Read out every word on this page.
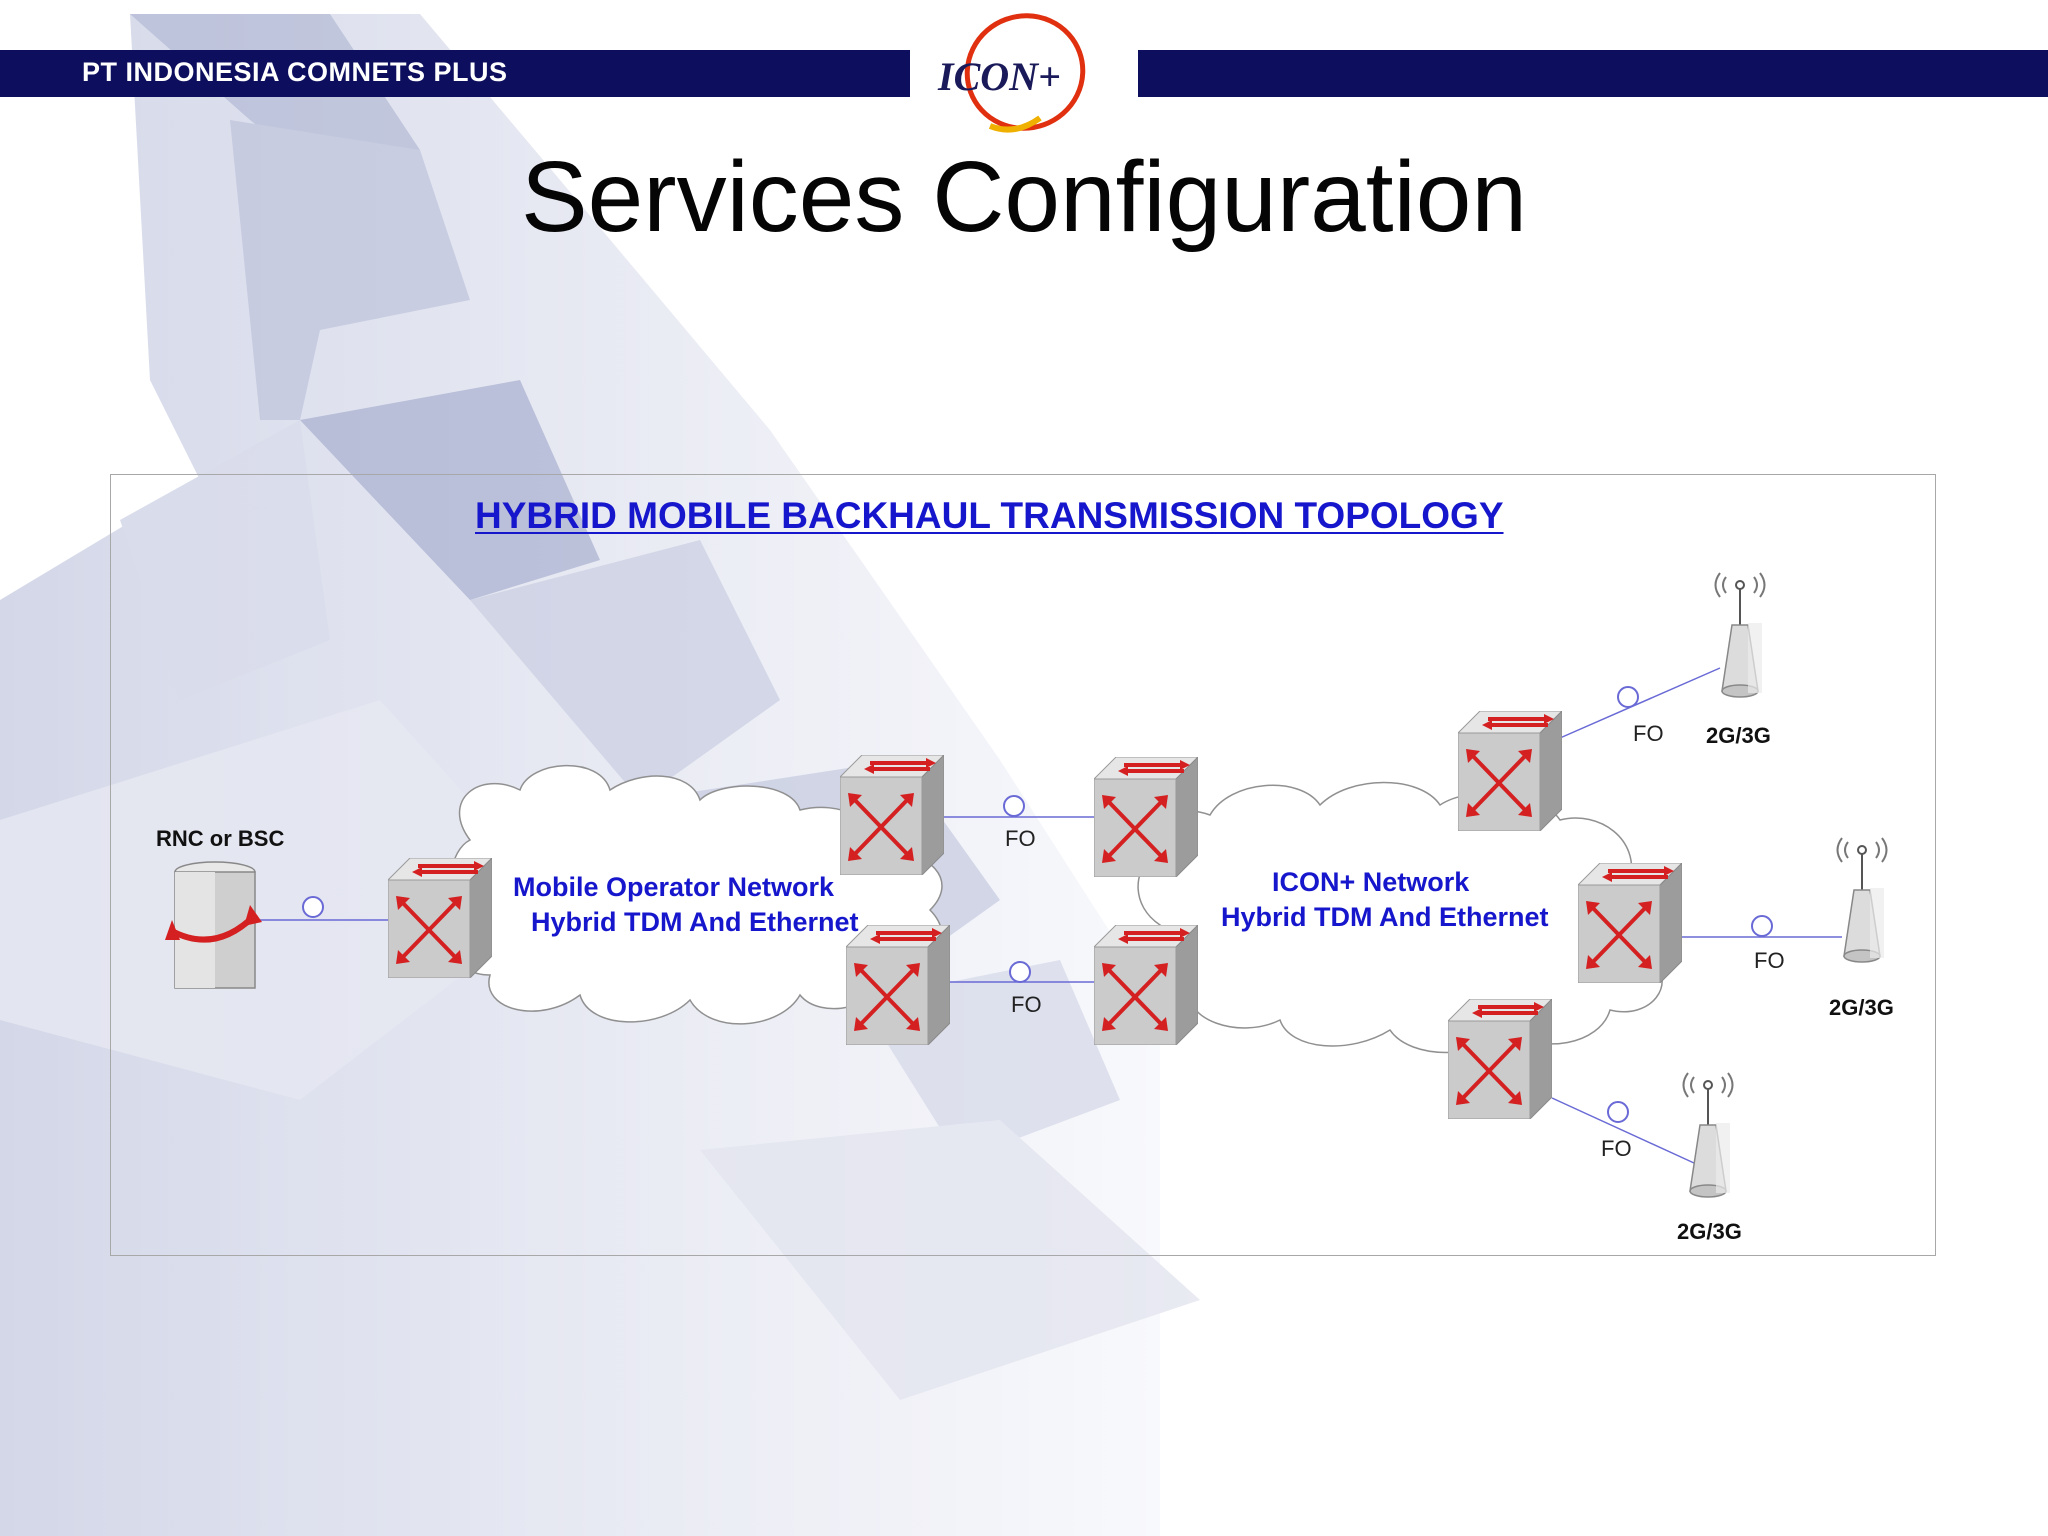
PT INDONESIA COMNETS PLUS	ICON+
Services Configuration
HYBRID MOBILE BACKHAUL TRANSMISSION TOPOLOGY
RNC or BSC
Mobile Operator Network
Hybrid TDM And Ethernet
ICON+ Network
Hybrid TDM And Ethernet
FO
FO
FO
FO
FO
2G/3G
2G/3G
2G/3G
